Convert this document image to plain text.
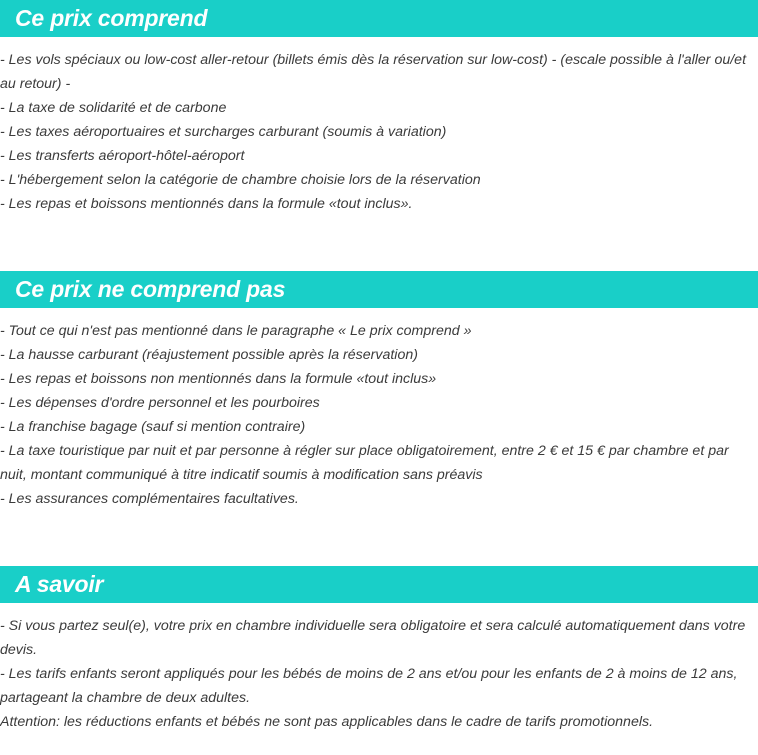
Ce prix comprend
- Les vols spéciaux ou low-cost aller-retour (billets émis dès la réservation sur low-cost) - (escale possible à l'aller ou/et au retour) -
- La taxe de solidarité et de carbone
- Les taxes aéroportuaires et surcharges carburant (soumis à variation)
- Les transferts aéroport-hôtel-aéroport
- L'hébergement selon la catégorie de chambre choisie lors de la réservation
- Les repas et boissons mentionnés dans la formule «tout inclus».
Ce prix ne comprend pas
- Tout ce qui n'est pas mentionné dans le paragraphe « Le prix comprend »
- La hausse carburant (réajustement possible après la réservation)
- Les repas et boissons non mentionnés dans la formule «tout inclus»
- Les dépenses d'ordre personnel et les pourboires
- La franchise bagage (sauf si mention contraire)
- La taxe touristique par nuit et par personne à régler sur place obligatoirement, entre 2 € et 15 € par chambre et par nuit, montant communiqué à titre indicatif soumis à modification sans préavis
- Les assurances complémentaires facultatives.
A savoir
- Si vous partez seul(e), votre prix en chambre individuelle sera obligatoire et sera calculé automatiquement dans votre devis.
- Les tarifs enfants seront appliqués pour les bébés de moins de 2 ans et/ou pour les enfants de 2 à moins de 12 ans, partageant la chambre de deux adultes.
Attention: les réductions enfants et bébés ne sont pas applicables dans le cadre de tarifs promotionnels.
